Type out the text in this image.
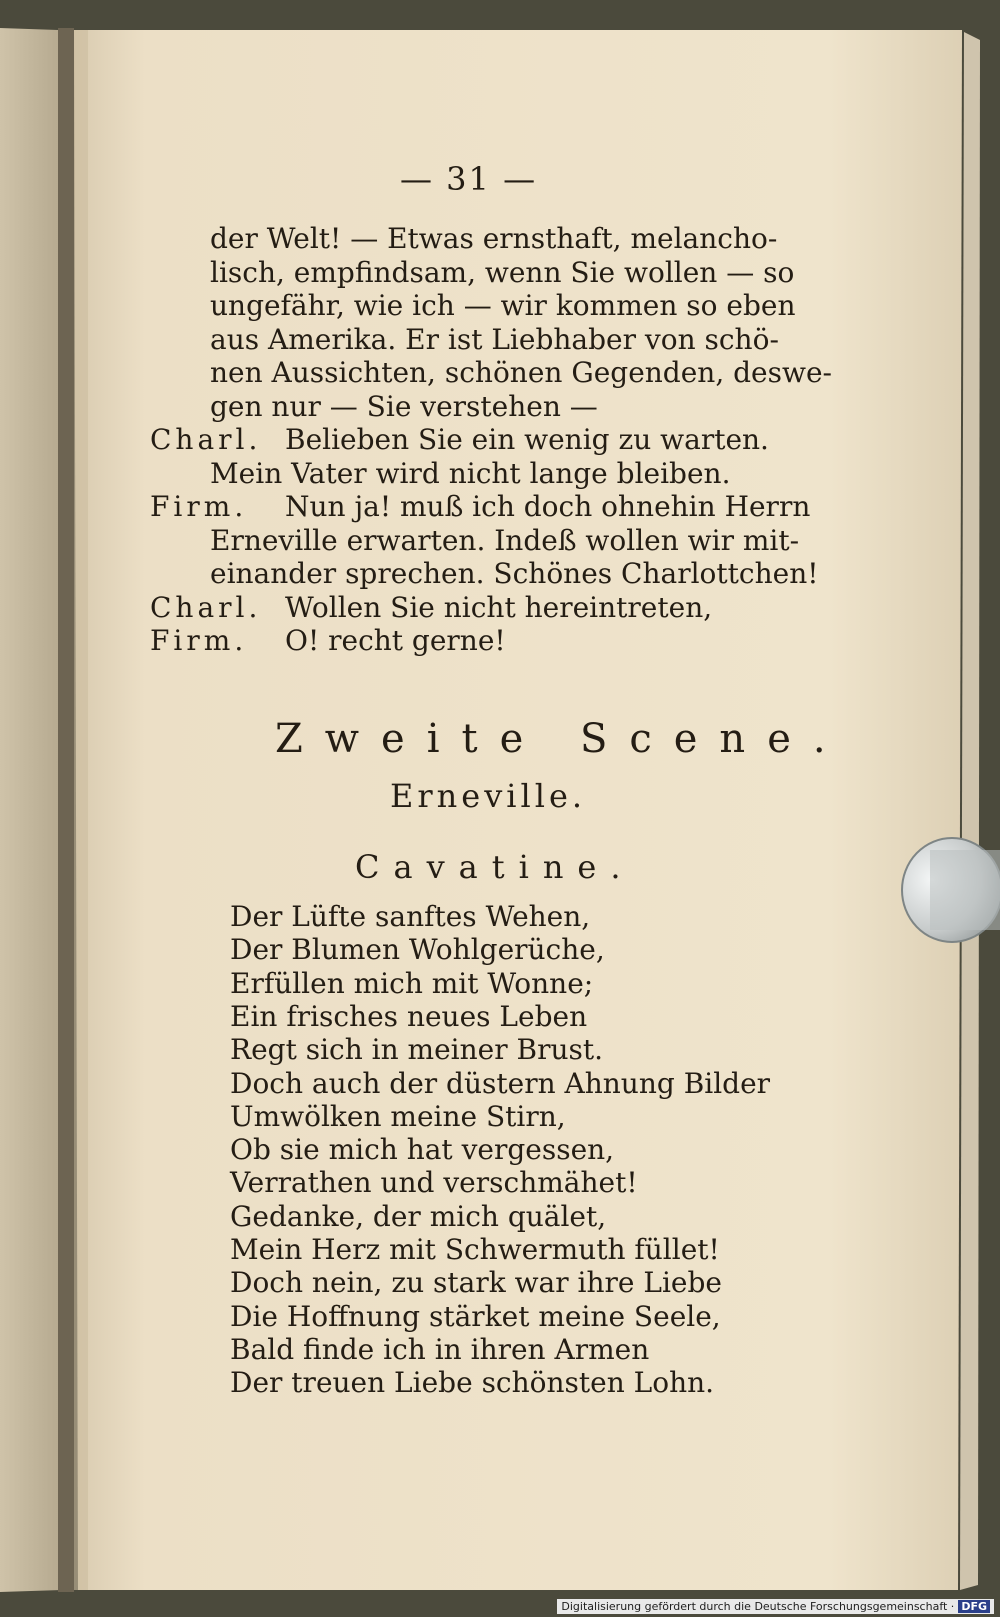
— 31 —
der Welt! — Etwas ernsthaft, melancho-
lisch, empfindsam, wenn Sie wollen — so
ungefähr, wie ich — wir kommen so eben
aus Amerika. Er ist Liebhaber von schö-
nen Aussichten, schönen Gegenden, deswe-
gen nur — Sie verstehen —
Charl. Belieben Sie ein wenig zu warten.
Mein Vater wird nicht lange bleiben.
Firm. Nun ja! muß ich doch ohnehin Herrn
Erneville erwarten. Indeß wollen wir mit-
einander sprechen. Schönes Charlottchen!
Charl. Wollen Sie nicht hereintreten,
Firm. O! recht gerne!
Zweite Scene.
Erneville.
Cavatine.
Der Lüfte sanftes Wehen,
Der Blumen Wohlgerüche,
Erfüllen mich mit Wonne;
Ein frisches neues Leben
Regt sich in meiner Brust.
Doch auch der düstern Ahnung Bilder
Umwölken meine Stirn,
Ob sie mich hat vergessen,
Verrathen und verschmähet!
Gedanke, der mich quälet,
Mein Herz mit Schwermuth füllet!
Doch nein, zu stark war ihre Liebe
Die Hoffnung stärket meine Seele,
Bald finde ich in ihren Armen
Der treuen Liebe schönsten Lohn.
Digitalisierung gefördert durch die Deutsche Forschungsgemeinschaft · DFG
